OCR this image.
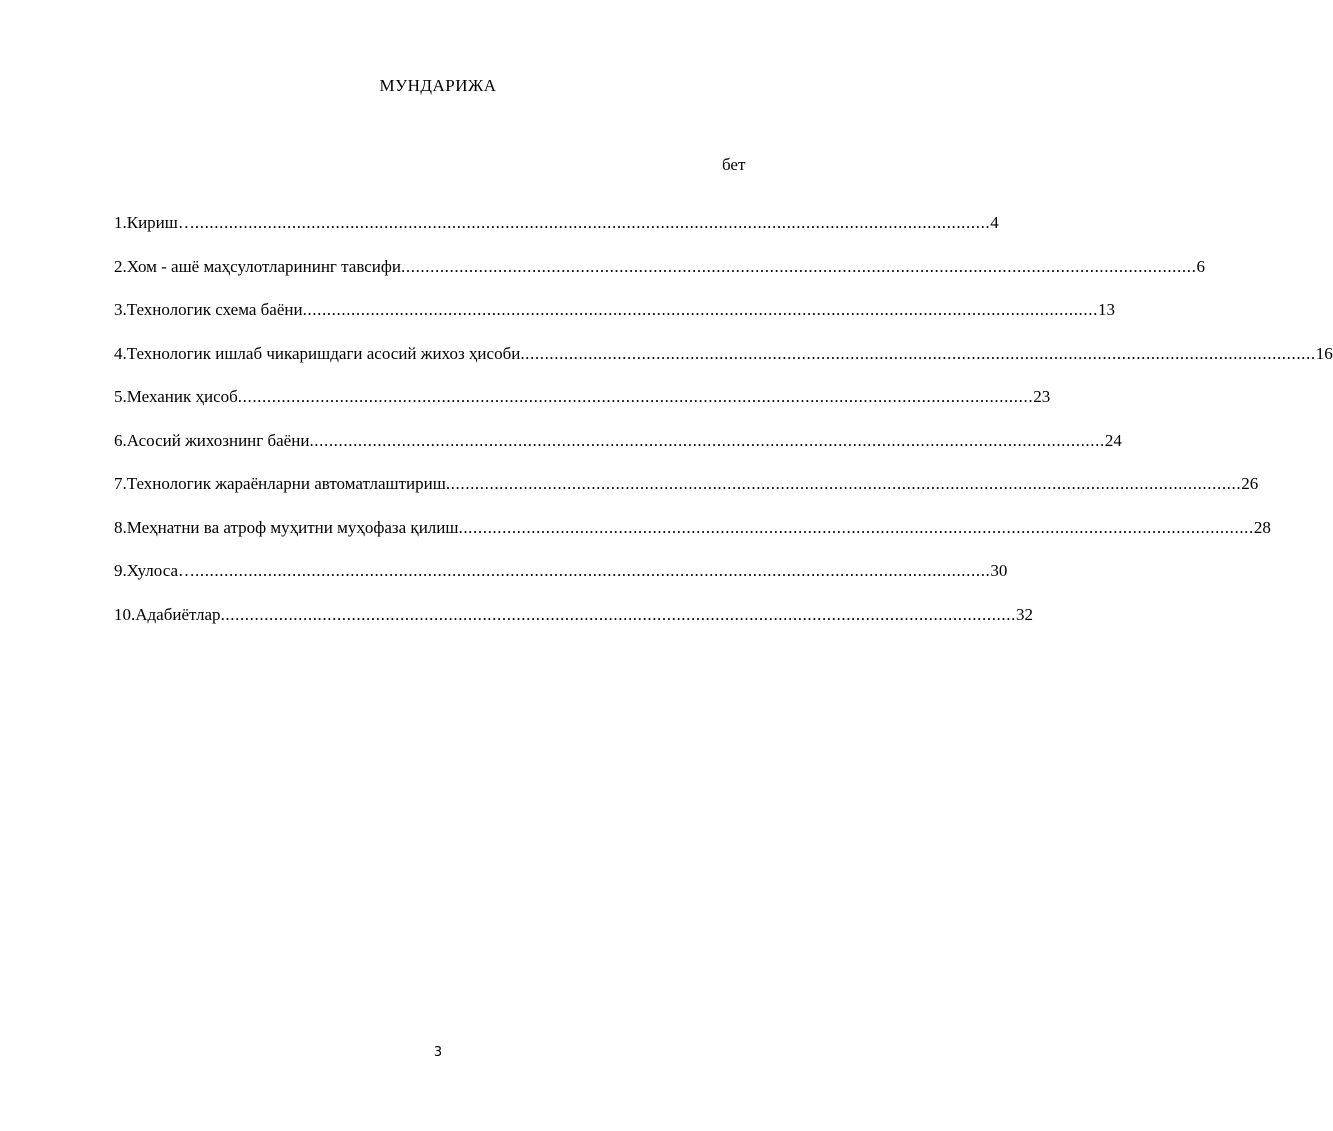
МУНДАРИЖА
бет
1. Кириш… .................................................................................................................................................................... 4
2. Хом - ашё маҳсулотларининг тавсифи .................................................................................................................................................................... 6
3. Технологик схема баёни .................................................................................................................................................................... 13
4. Технологик ишлаб чикаришдаги асосий жихоз ҳисоби .................................................................................................................................................................... 16
5. Механик ҳисоб .................................................................................................................................................................... 23
6. Асосий жихознинг баёни .................................................................................................................................................................... 24
7. Технологик жараёнларни автоматлаштириш .................................................................................................................................................................... 26
8. Меҳнатни ва атроф муҳитни муҳофаза қилиш .................................................................................................................................................................... 28
9. Хулоса… .................................................................................................................................................................... 30
10. Адабиётлар .................................................................................................................................................................... 32
3
